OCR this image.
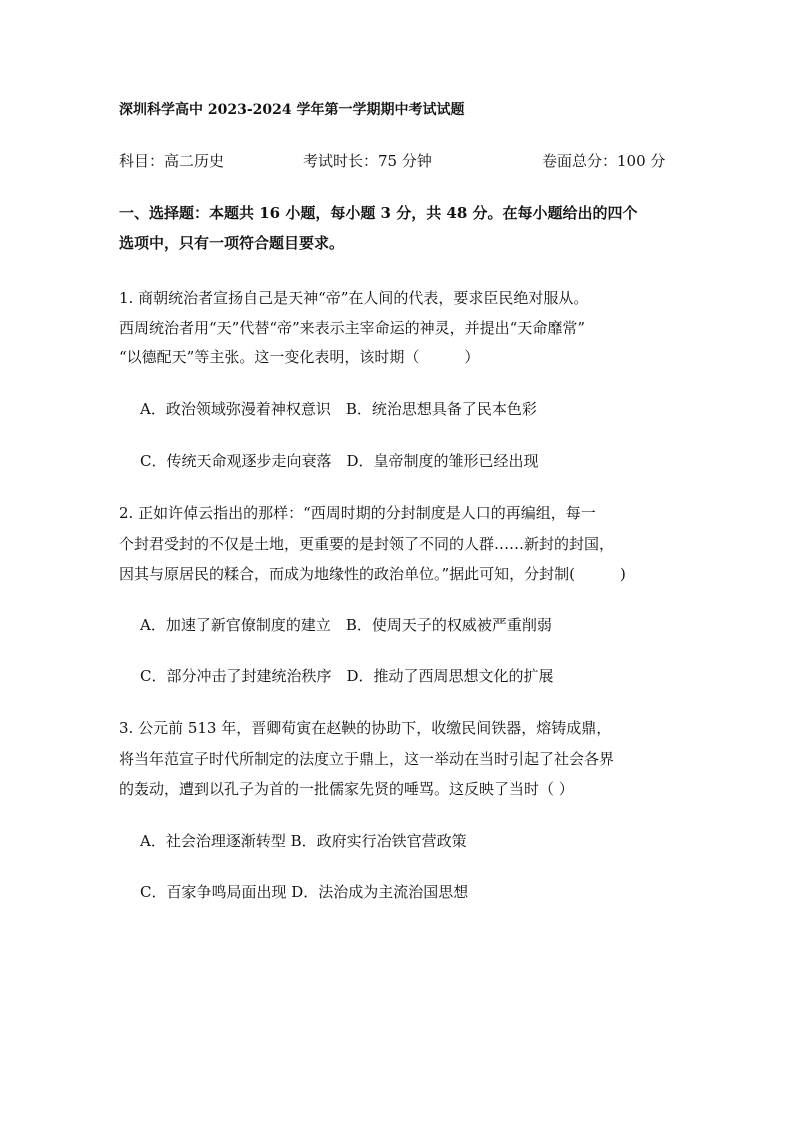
深圳科学高中 2023-2024 学年第一学期期中考试试题
科目：高二历史	考试时长：75 分钟	卷面总分：100 分
一、选择题：本题共 16 小题，每小题 3 分，共 48 分。在每小题给出的四个
选项中，只有一项符合题目要求。
1. 商朝统治者宣扬自己是天神“帝”在人间的代表，要求臣民绝对服从。
西周统治者用“天”代替“帝”来表示主宰命运的神灵，并提出“天命靡常”
“以德配天”等主张。这一变化表明，该时期（　　　）
A．政治领域弥漫着神权意识　B．统治思想具备了民本色彩
C．传统天命观逐步走向衰落　D．皇帝制度的雏形已经出现
2. 正如许倬云指出的那样：“西周时期的分封制度是人口的再编组，每一
个封君受封的不仅是土地，更重要的是封领了不同的人群……新封的封国，
因其与原居民的糅合，而成为地缘性的政治单位。”据此可知，分封制(　　　)
A．加速了新官僚制度的建立　B．使周天子的权威被严重削弱
C．部分冲击了封建统治秩序　D．推动了西周思想文化的扩展
3. 公元前 513 年，晋卿荀寅在赵鞅的协助下，收缴民间铁器，熔铸成鼎，
将当年范宣子时代所制定的法度立于鼎上，这一举动在当时引起了社会各界
的轰动，遭到以孔子为首的一批儒家先贤的唾骂。这反映了当时（ ）
A．社会治理逐渐转型 B．政府实行冶铁官营政策
C．百家争鸣局面出现 D．法治成为主流治国思想
